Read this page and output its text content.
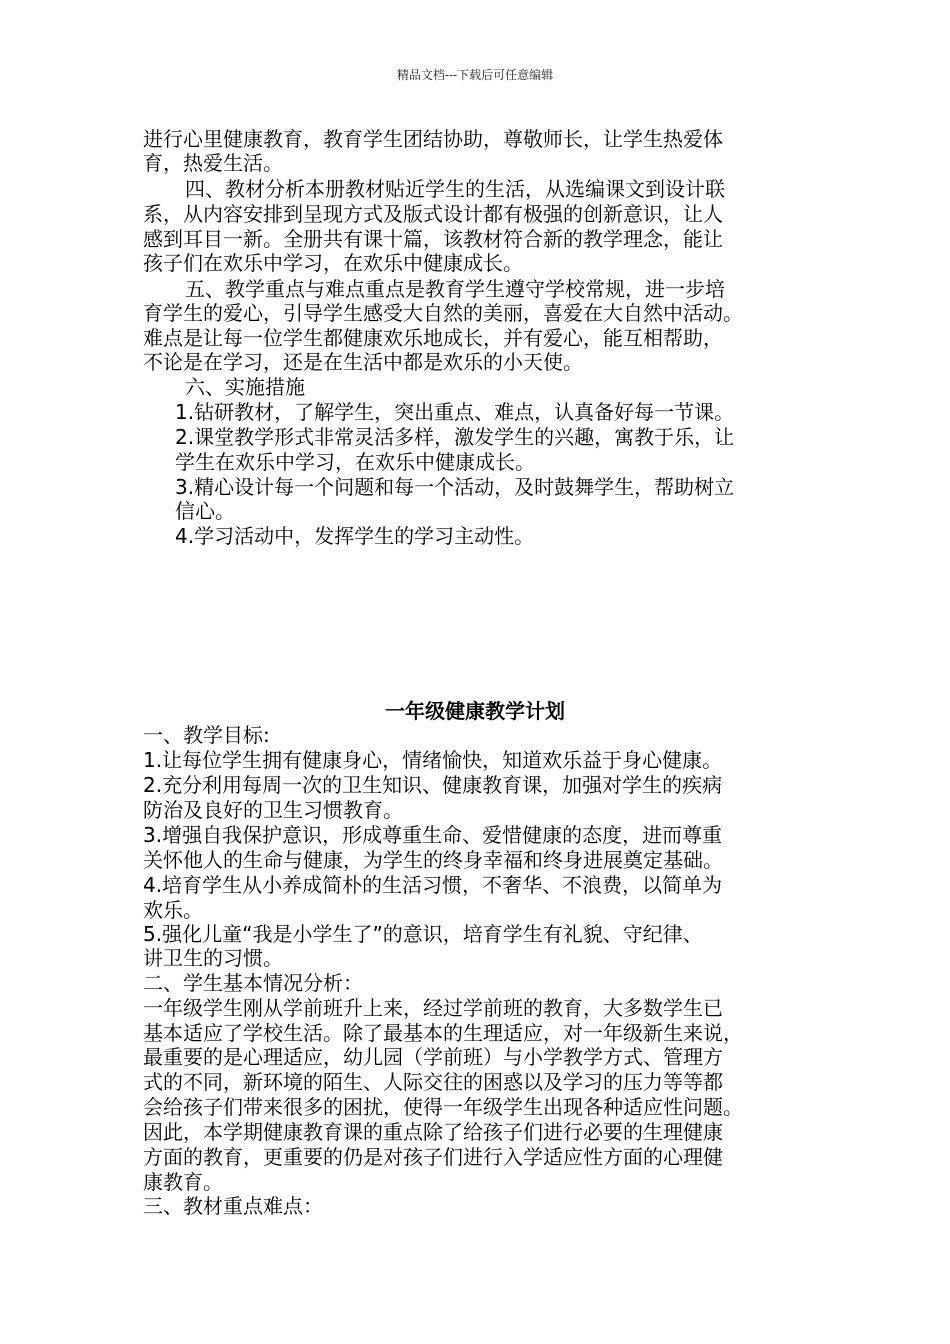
精品文档---下载后可任意编辑
进行心里健康教育，教育学生团结协助，尊敬师长，让学生热爱体
育，热爱生活。
四、教材分析本册教材贴近学生的生活，从选编课文到设计联
系，从内容安排到呈现方式及版式设计都有极强的创新意识，让人
感到耳目一新。全册共有课十篇，该教材符合新的教学理念，能让
孩子们在欢乐中学习，在欢乐中健康成长。
五、教学重点与难点重点是教育学生遵守学校常规，进一步培
育学生的爱心，引导学生感受大自然的美丽，喜爱在大自然中活动。
难点是让每一位学生都健康欢乐地成长，并有爱心，能互相帮助，
不论是在学习，还是在生活中都是欢乐的小天使。
六、实施措施
1.钻研教材，了解学生，突出重点、难点，认真备好每一节课。
2.课堂教学形式非常灵活多样，激发学生的兴趣，寓教于乐，让
学生在欢乐中学习，在欢乐中健康成长。
3.精心设计每一个问题和每一个活动，及时鼓舞学生，帮助树立
信心。
4.学习活动中，发挥学生的学习主动性。
一年级健康教学计划
一、教学目标:
1.让每位学生拥有健康身心，情绪愉快，知道欢乐益于身心健康。
2.充分利用每周一次的卫生知识、健康教育课，加强对学生的疾病
防治及良好的卫生习惯教育。
3.增强自我保护意识，形成尊重生命、爱惜健康的态度，进而尊重
关怀他人的生命与健康，为学生的终身幸福和终身进展奠定基础。
4.培育学生从小养成简朴的生活习惯，不奢华、不浪费，以简单为
欢乐。
5.强化儿童“我是小学生了”的意识，培育学生有礼貌、守纪律、
讲卫生的习惯。
二、学生基本情况分析：
一年级学生刚从学前班升上来，经过学前班的教育，大多数学生已
基本适应了学校生活。除了最基本的生理适应，对一年级新生来说，
最重要的是心理适应，幼儿园（学前班）与小学教学方式、管理方
式的不同，新环境的陌生、人际交往的困惑以及学习的压力等等都
会给孩子们带来很多的困扰，使得一年级学生出现各种适应性问题。
因此，本学期健康教育课的重点除了给孩子们进行必要的生理健康
方面的教育，更重要的仍是对孩子们进行入学适应性方面的心理健
康教育。
三、教材重点难点：
